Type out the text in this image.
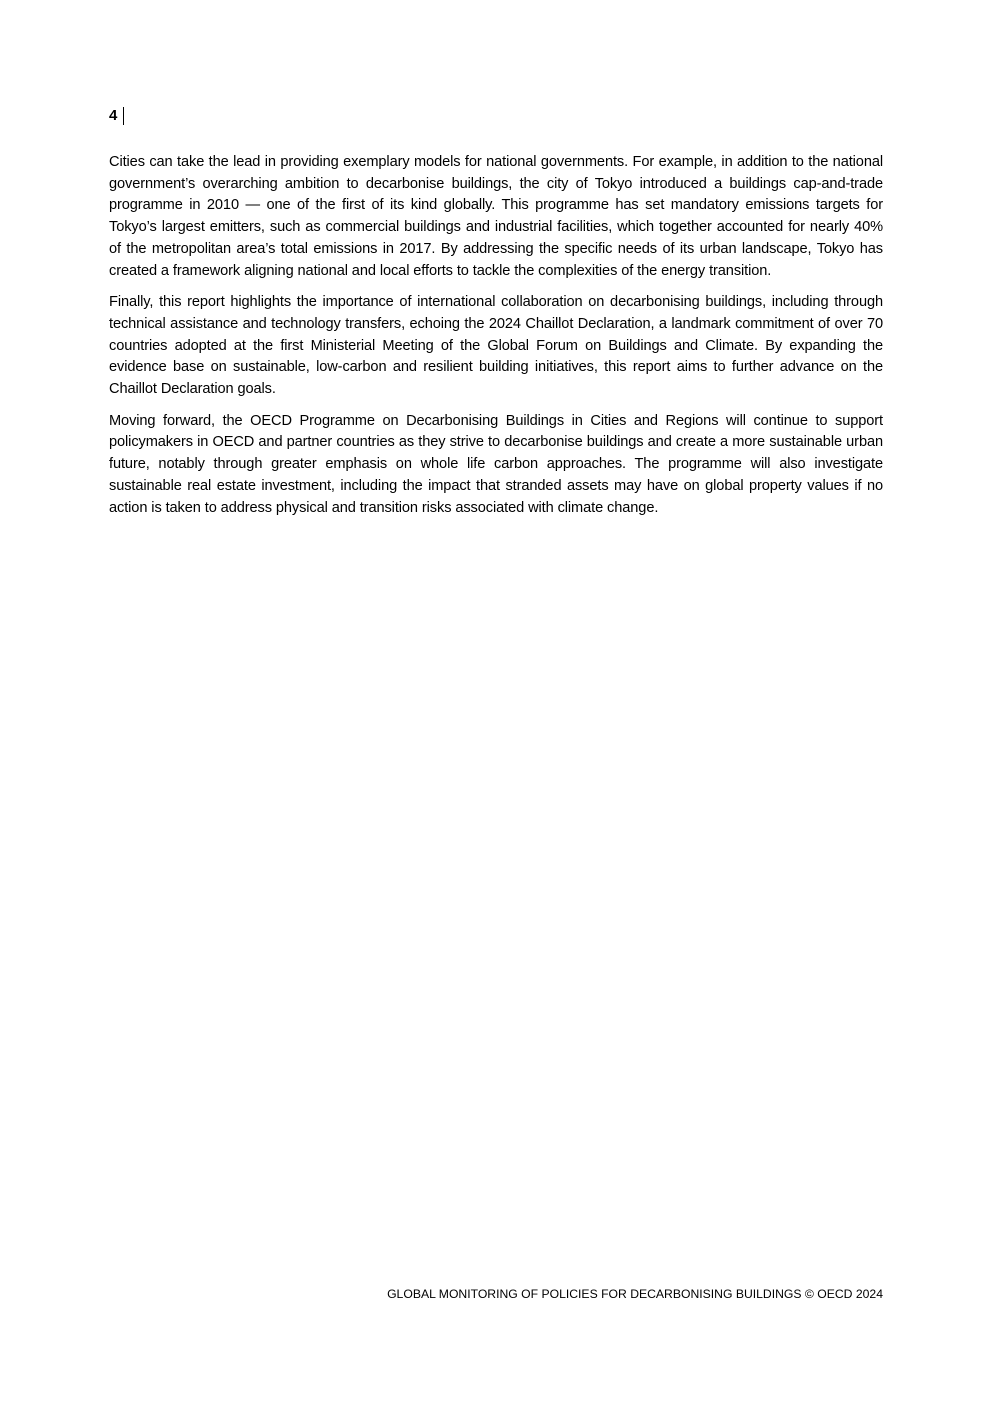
4

Cities can take the lead in providing exemplary models for national governments. For example, in addition to the national government’s overarching ambition to decarbonise buildings, the city of Tokyo introduced a buildings cap-and-trade programme in 2010 — one of the first of its kind globally. This programme has set mandatory emissions targets for Tokyo’s largest emitters, such as commercial buildings and industrial facilities, which together accounted for nearly 40% of the metropolitan area’s total emissions in 2017. By addressing the specific needs of its urban landscape, Tokyo has created a framework aligning national and local efforts to tackle the complexities of the energy transition.

Finally, this report highlights the importance of international collaboration on decarbonising buildings, including through technical assistance and technology transfers, echoing the 2024 Chaillot Declaration, a landmark commitment of over 70 countries adopted at the first Ministerial Meeting of the Global Forum on Buildings and Climate. By expanding the evidence base on sustainable, low-carbon and resilient building initiatives, this report aims to further advance on the Chaillot Declaration goals.

Moving forward, the OECD Programme on Decarbonising Buildings in Cities and Regions will continue to support policymakers in OECD and partner countries as they strive to decarbonise buildings and create a more sustainable urban future, notably through greater emphasis on whole life carbon approaches. The programme will also investigate sustainable real estate investment, including the impact that stranded assets may have on global property values if no action is taken to address physical and transition risks associated with climate change.

GLOBAL MONITORING OF POLICIES FOR DECARBONISING BUILDINGS © OECD 2024
